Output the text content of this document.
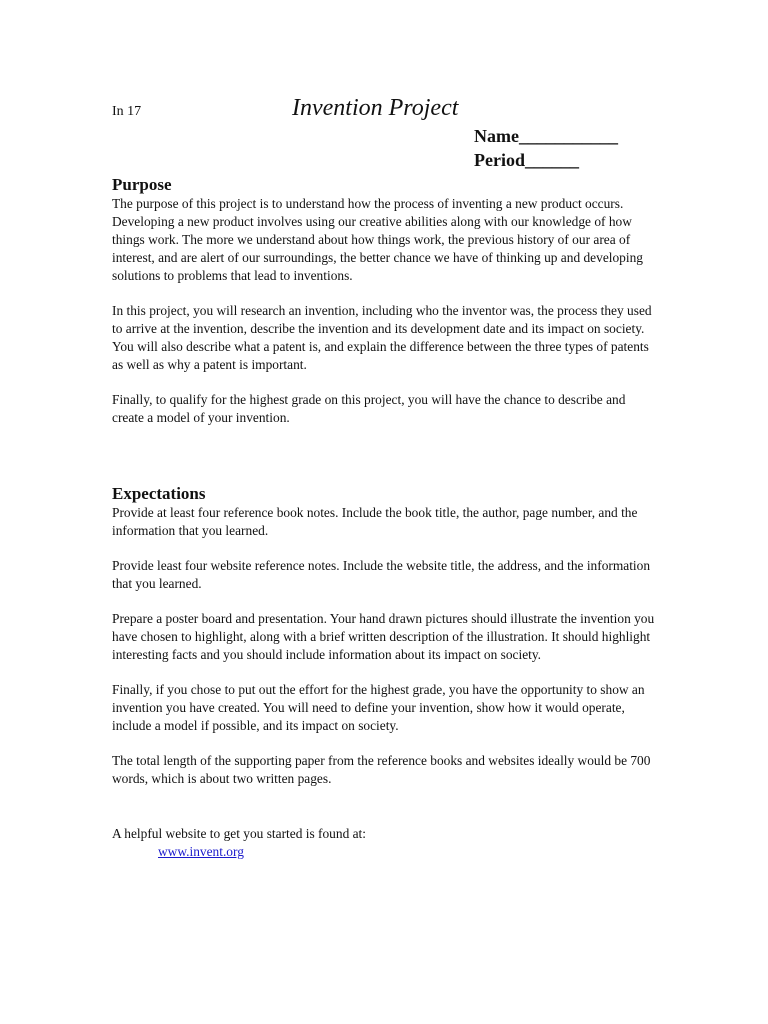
In 17	Invention Project
Name___________
Period______
Purpose

The purpose of this project is to understand how the process of inventing a new product occurs. Developing a new product involves using our creative abilities along with our knowledge of how things work. The more we understand about how things work, the previous history of our area of interest, and are alert of our surroundings, the better chance we have of thinking up and developing solutions to problems that lead to inventions.

In this project, you will research an invention, including who the inventor was, the process they used to arrive at the invention, describe the invention and its development date and its impact on society. You will also describe what a patent is, and explain the difference between the three types of patents as well as why a patent is important.

Finally, to qualify for the highest grade on this project, you will have the chance to describe and create a model of your invention.

Expectations

Provide at least four reference book notes. Include the book title, the author, page number, and the information that you learned.

Provide least four website reference notes. Include the website title, the address, and the information that you learned.

Prepare a poster board and presentation. Your hand drawn pictures should illustrate the invention you have chosen to highlight, along with a brief written description of the illustration. It should highlight interesting facts and you should include information about its impact on society.

Finally, if you chose to put out the effort for the highest grade, you have the opportunity to show an invention you have created. You will need to define your invention, show how it would operate, include a model if possible, and its impact on society.

The total length of the supporting paper from the reference books and websites ideally would be 700 words, which is about two written pages.

A helpful website to get you started is found at:
www.invent.org
